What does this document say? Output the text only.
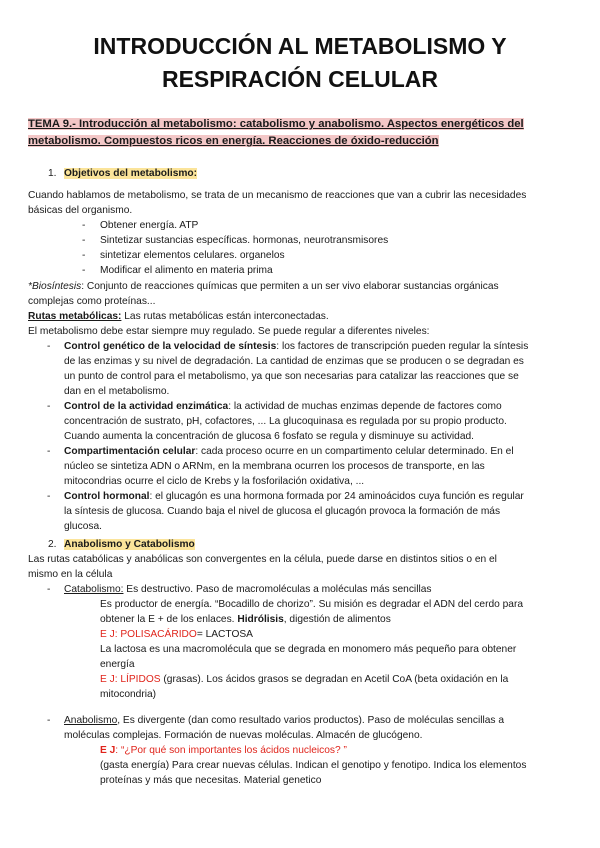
INTRODUCCIÓN AL METABOLISMO Y
RESPIRACIÓN CELULAR
TEMA 9.- Introducción al metabolismo: catabolismo y anabolismo. Aspectos energéticos del
metabolismo. Compuestos ricos en energía. Reacciones de óxido-reducción
1. Objetivos del metabolismo:
Cuando hablamos de metabolismo, se trata de un mecanismo de reacciones que van a cubrir las necesidades
básicas del organismo.
- Obtener energía. ATP
- Sintetizar sustancias específicas. hormonas, neurotransmisores
- sintetizar elementos celulares. organelos
- Modificar el alimento en materia prima
*Biosíntesis: Conjunto de reacciones químicas que permiten a un ser vivo elaborar sustancias orgánicas
complejas como proteínas...
Rutas metabólicas: Las rutas metabólicas están interconectadas.
El metabolismo debe estar siempre muy regulado. Se puede regular a diferentes niveles:
- Control genético de la velocidad de síntesis: los factores de transcripción pueden regular la síntesis
de las enzimas y su nivel de degradación. La cantidad de enzimas que se producen o se degradan es
un punto de control para el metabolismo, ya que son necesarias para catalizar las reacciones que se
dan en el metabolismo.
- Control de la actividad enzimática: la actividad de muchas enzimas depende de factores como
concentración de sustrato, pH, cofactores, ... La glucoquinasa es regulada por su propio producto.
Cuando aumenta la concentración de glucosa 6 fosfato se regula y disminuye su actividad.
- Compartimentación celular: cada proceso ocurre en un compartimento celular determinado. En el
núcleo se sintetiza ADN o ARNm, en la membrana ocurren los procesos de transporte, en las
mitocondrias ocurre el ciclo de Krebs y la fosforilación oxidativa, ...
- Control hormonal: el glucagón es una hormona formada por 24 aminoácidos cuya función es regular
la síntesis de glucosa. Cuando baja el nivel de glucosa el glucagón provoca la formación de más
glucosa.
2. Anabolismo y Catabolismo
Las rutas catabólicas y anabólicas son convergentes en la célula, puede darse en distintos sitios o en el
mismo en la célula
- Catabolismo: Es destructivo. Paso de macromoléculas a moléculas más sencillas
Es productor de energía. “Bocadillo de chorizo”. Su misión es degradar el ADN del cerdo para
obtener la E + de los enlaces. Hidrólisis, digestión de alimentos
E J: POLISACÁRIDO= LACTOSA
La lactosa es una macromolécula que se degrada en monomero más pequeño para obtener
energía
E J: LÍPIDOS (grasas). Los ácidos grasos se degradan en Acetil CoA (beta oxidación en la
mitocondria)
- Anabolismo, Es divergente (dan como resultado varios productos). Paso de moléculas sencillas a
moléculas complejas. Formación de nuevas moléculas. Almacén de glucógeno.
E J: “¿Por qué son importantes los ácidos nucleicos? ”
(gasta energía) Para crear nuevas células. Indican el genotipo y fenotipo. Indica los elementos
proteínas y más que necesitas. Material genetico
